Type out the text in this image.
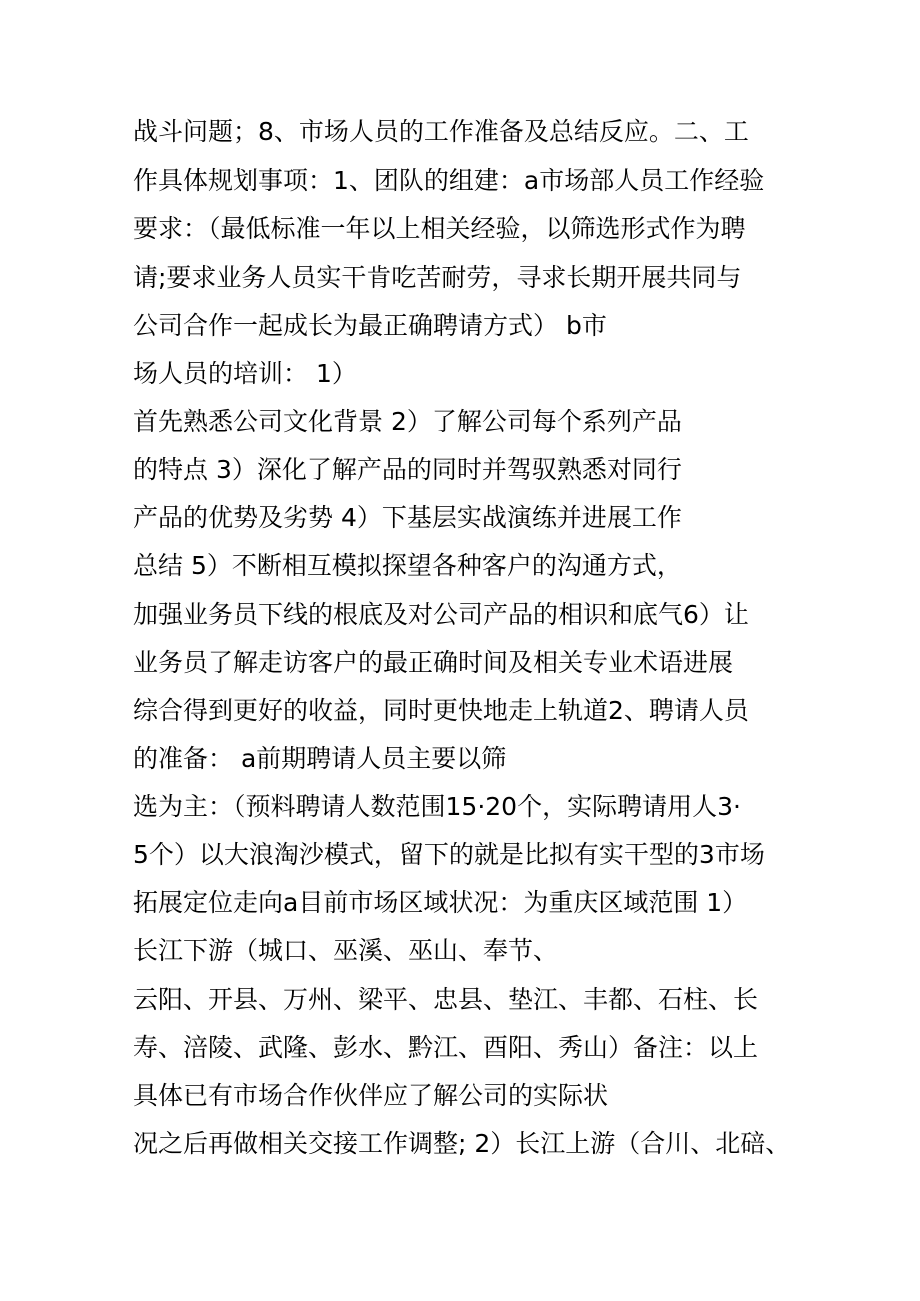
战斗问题；8、市场人员的工作准备及总结反应。二、工
作具体规划事项：1、团队的组建：a市场部人员工作经验
要求：（最低标准一年以上相关经验，以筛选形式作为聘
请;要求业务人员实干肯吃苦耐劳，寻求长期开展共同与
公司合作一起成长为最正确聘请方式） b市
场人员的培训： 1）
首先熟悉公司文化背景 2）了解公司每个系列产品
的特点 3）深化了解产品的同时并驾驭熟悉对同行
产品的优势及劣势 4）下基层实战演练并进展工作
总结 5）不断相互模拟探望各种客户的沟通方式，
加强业务员下线的根底及对公司产品的相识和底气6）让
业务员了解走访客户的最正确时间及相关专业术语进展
综合得到更好的收益，同时更快地走上轨道2、聘请人员
的准备： a前期聘请人员主要以筛
选为主：（预料聘请人数范围15·20个，实际聘请用人3·
5个）以大浪淘沙模式，留下的就是比拟有实干型的3市场
拓展定位走向a目前市场区域状况：为重庆区域范围 1）
长江下游（城口、巫溪、巫山、奉节、
云阳、开县、万州、梁平、忠县、垫江、丰都、石柱、长
寿、涪陵、武隆、彭水、黔江、酉阳、秀山）备注：以上
具体已有市场合作伙伴应了解公司的实际状
况之后再做相关交接工作调整; 2）长江上游（合川、北碚、
